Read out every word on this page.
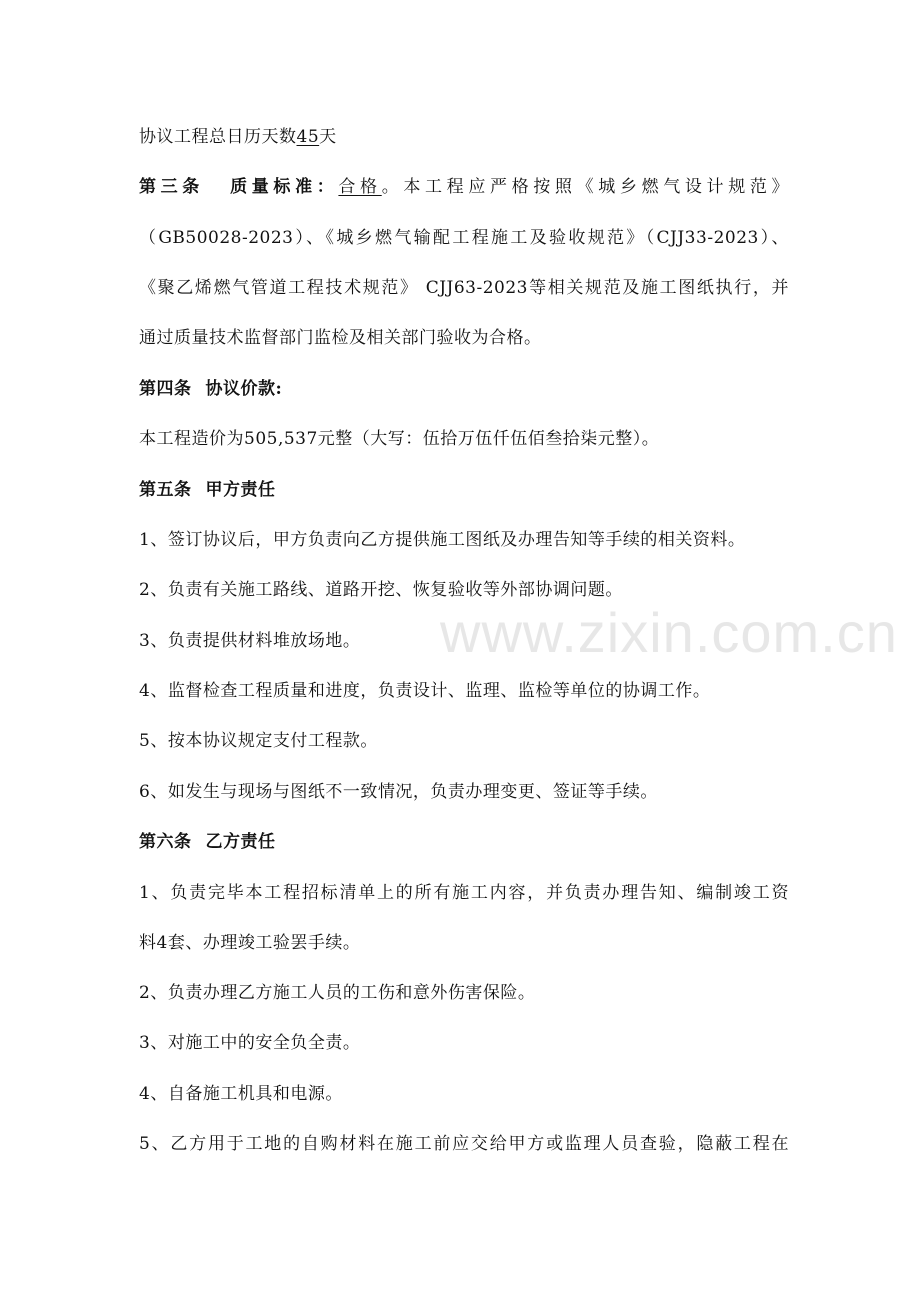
协议工程总日历天数45天
第三条 质量标准：合格。本工程应严格按照《城乡燃气设计规范》
（GB50028-2023）、《城乡燃气输配工程施工及验收规范》（CJJ33-2023）、
《聚乙烯燃气管道工程技术规范》 CJJ63-2023等相关规范及施工图纸执行，并
通过质量技术监督部门监检及相关部门验收为合格。
第四条 协议价款:
本工程造价为505,537元整（大写：伍拾万伍仟伍佰叁拾柒元整）。
第五条 甲方责任
1、签订协议后，甲方负责向乙方提供施工图纸及办理告知等手续的相关资料。
2、负责有关施工路线、道路开挖、恢复验收等外部协调问题。
3、负责提供材料堆放场地。
4、监督检查工程质量和进度，负责设计、监理、监检等单位的协调工作。
5、按本协议规定支付工程款。
6、如发生与现场与图纸不一致情况，负责办理变更、签证等手续。
第六条 乙方责任
1、负责完毕本工程招标清单上的所有施工内容，并负责办理告知、编制竣工资
料4套、办理竣工验罢手续。
2、负责办理乙方施工人员的工伤和意外伤害保险。
3、对施工中的安全负全责。
4、自备施工机具和电源。
5、乙方用于工地的自购材料在施工前应交给甲方或监理人员查验，隐蔽工程在
www.zixin.com.cn
